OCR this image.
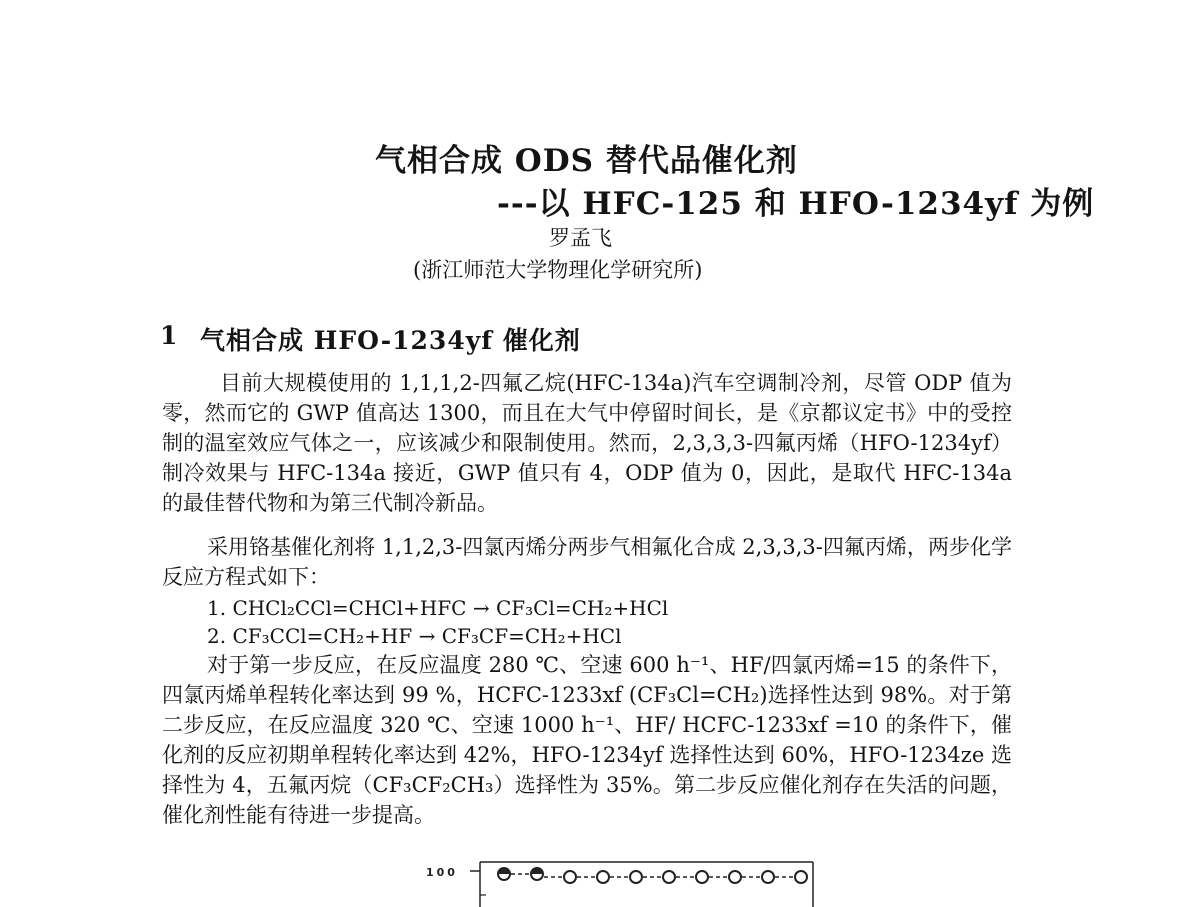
气相合成 ODS 替代品催化剂
---以 HFC-125 和 HFO-1234yf 为例
罗孟飞
(浙江师范大学物理化学研究所)
1 气相合成 HFO-1234yf 催化剂

目前大规模使用的 1,1,1,2-四氟乙烷(HFC-134a)汽车空调制冷剂，尽管 ODP 值为零，然而它的 GWP 值高达 1300，而且在大气中停留时间长，是《京都议定书》中的受控制的温室效应气体之一，应该减少和限制使用。然而，2,3,3,3-四氟丙烯（HFO-1234yf）制冷效果与 HFC-134a 接近，GWP 值只有 4，ODP 值为 0，因此，是取代 HFC-134a 的最佳替代物和为第三代制冷新品。

采用铬基催化剂将 1,1,2,3-四氯丙烯分两步气相氟化合成 2,3,3,3-四氟丙烯，两步化学反应方程式如下：

1. CHCl₂CCl=CHCl+HFC → CF₃Cl=CH₂+HCl
2. CF₃CCl=CH₂+HF → CF₃CF=CH₂+HCl

对于第一步反应，在反应温度 280 ℃、空速 600 h⁻¹、HF/四氯丙烯=15 的条件下，四氯丙烯单程转化率达到 99 %，HCFC-1233xf (CF₃Cl=CH₂)选择性达到 98%。对于第二步反应，在反应温度 320 ℃、空速 1000 h⁻¹、HF/ HCFC-1233xf =10 的条件下，催化剂的反应初期单程转化率达到 42%，HFO-1234yf 选择性达到 60%，HFO-1234ze 选择性为 4，五氟丙烷（CF₃CF₂CH₃）选择性为 35%。第二步反应催化剂存在失活的问题，催化剂性能有待进一步提高。

100
